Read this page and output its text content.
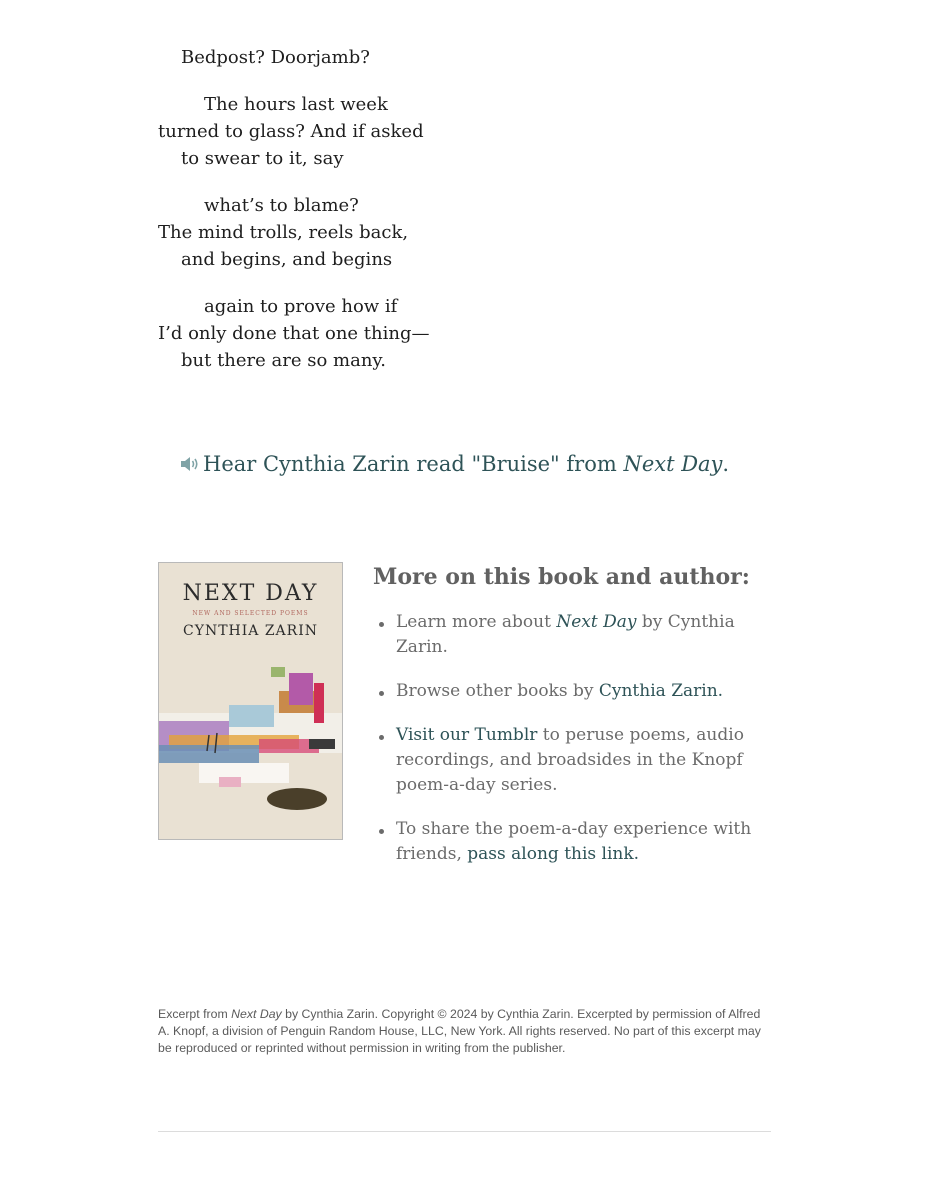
Bedpost? Doorjamb?
The hours last week
turned to glass? And if asked
to swear to it, say
what’s to blame?
The mind trolls, reels back,
and begins, and begins
again to prove how if
I’d only done that one thing—
but there are so many.
Hear Cynthia Zarin read "Bruise" from Next Day.
NEXT DAY
NEW AND SELECTED POEMS
CYNTHIA ZARIN
More on this book and author:
Learn more about Next Day by Cynthia Zarin.
Browse other books by Cynthia Zarin.
Visit our Tumblr to peruse poems, audio recordings, and broadsides in the Knopf poem-a-day series.
To share the poem-a-day experience with friends, pass along this link.
Excerpt from Next Day by Cynthia Zarin. Copyright © 2024 by Cynthia Zarin. Excerpted by permission of Alfred A. Knopf, a division of Penguin Random House, LLC, New York. All rights reserved. No part of this excerpt may be reproduced or reprinted without permission in writing from the publisher.
